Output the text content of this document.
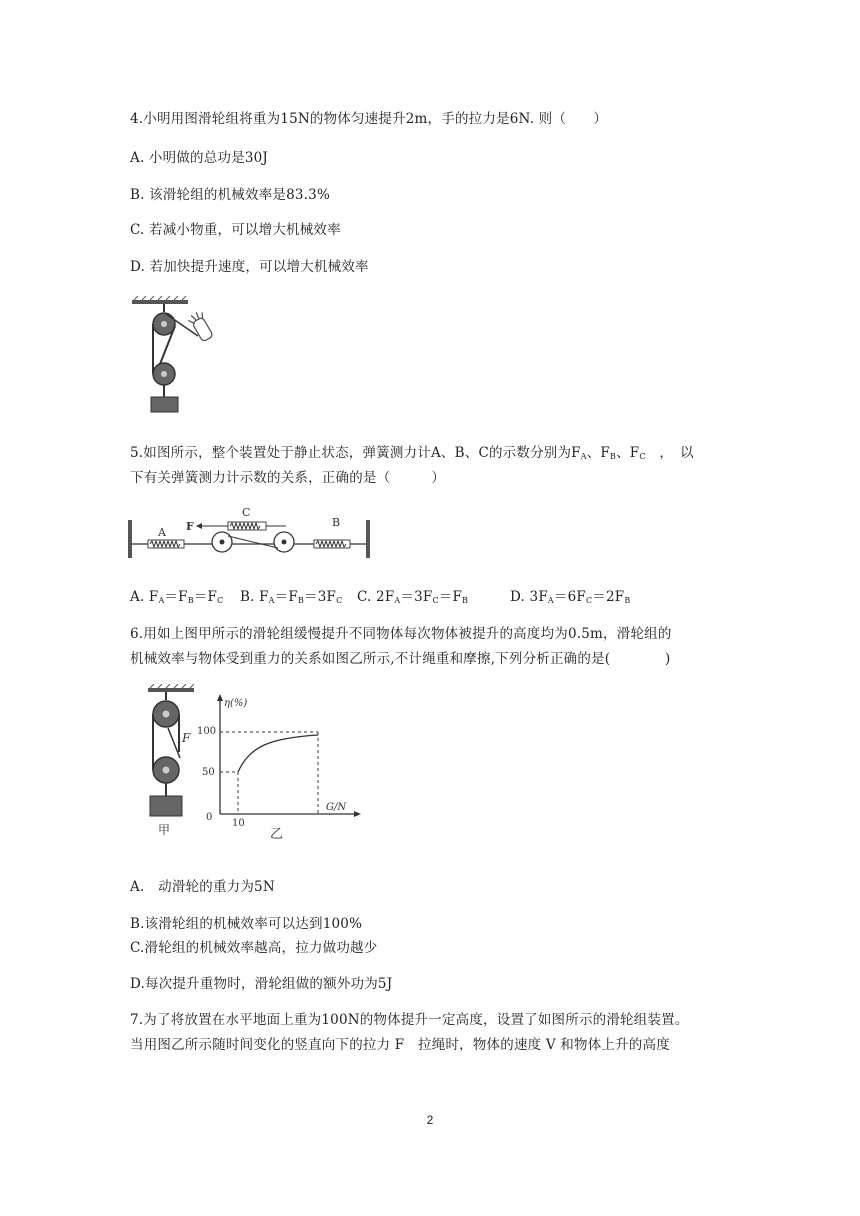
4.小明用图滑轮组将重为15N的物体匀速提升2m，手的拉力是6N. 则（　　）
A. 小明做的总功是30J
B. 该滑轮组的机械效率是83.3%
C. 若减小物重，可以增大机械效率
D. 若加快提升速度，可以增大机械效率
5.如图所示，整个装置处于静止状态，弹簧测力计A、B、C的示数分别为$F_A$、$F_B$、$F_C$　，　以
下有关弹簧测力计示数的关系，正确的是（　　　）
A
B
C
F
A. $F_A=F_B=F_C$ B. $F_A=F_B=3F_C$ C. $2F_A=3F_C=F_B$	D. $3F_A=6F_C=2F_B$
6.用如上图甲所示的滑轮组缓慢提升不同物体每次物体被提升的高度均为0.5m，滑轮组的
机械效率与物体受到重力的关系如图乙所示,不计绳重和摩擦,下列分析正确的是(　　　　)
F
甲
η(%)
G/N
100
50
0
10
乙
A.　动滑轮的重力为5N
B.该滑轮组的机械效率可以达到100%
C.滑轮组的机械效率越高，拉力做功越少
D.每次提升重物时，滑轮组做的额外功为5J
7.为了将放置在水平地面上重为100N的物体提升一定高度，设置了如图所示的滑轮组装置。
当用图乙所示随时间变化的竖直向下的拉力 F　拉绳时，物体的速度 V 和物体上升的高度
2
